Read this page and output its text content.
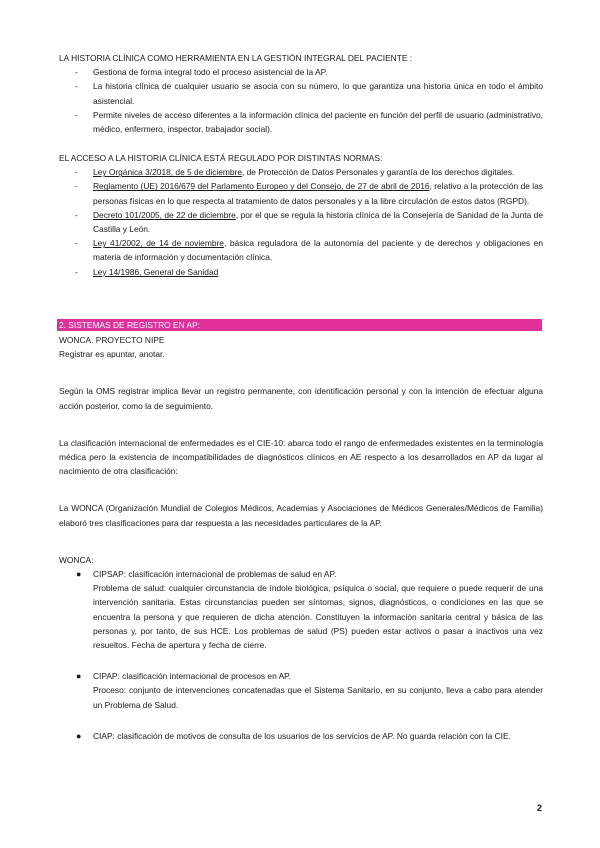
LA HISTORIA CLÍNICA COMO HERRAMIENTA EN LA GESTIÓN INTEGRAL DEL PACIENTE :

- Gestiona de forma integral todo el proceso asistencial de la AP.
- La historia clínica de cualquier usuario se asocia con su número, lo que garantiza una historia única en todo el ámbito asistencial.
- Permite niveles de acceso diferentes a la información clínica del paciente en función del perfil de usuario (administrativo, médico, enfermero, inspector, trabajador social).

EL ACCESO A LA HISTORIA CLÍNICA ESTÁ REGULADO POR DISTINTAS NORMAS:

- Ley Orgánica 3/2018, de 5 de diciembre, de Protección de Datos Personales y garantía de los derechos digitales.
- Reglamento (UE) 2016/679 del Parlamento Europeo y del Consejo, de 27 de abril de 2016, relativo a la protección de las personas físicas en lo que respecta al tratamiento de datos personales y a la libre circulación de estos datos (RGPD).
- Decreto 101/2005, de 22 de diciembre, por el que se regula la historia clínica de la Consejería de Sanidad de la Junta de Castilla y León.
- Ley 41/2002, de 14 de noviembre, básica reguladora de la autonomía del paciente y de derechos y obligaciones en materia de información y documentación clínica.
- Ley 14/1986, General de Sanidad
2. SISTEMAS DE REGISTRO EN AP:

WONCA. PROYECTO NIPE

Registrar es apuntar, anotar.

Según la OMS registrar implica llevar un registro permanente, con identificación personal y con la intención de efectuar alguna acción posterior, como la de seguimiento.

La clasificación internacional de enfermedades es el CIE-10: abarca todo el rango de enfermedades existentes en la terminología médica pero la existencia de incompatibilidades de diagnósticos clínicos en AE respecto a los desarrollados en AP da lugar al nacimiento de otra clasificación:

La WONCA (Organización Mundial de Colegios Médicos, Academias y Asociaciones de Médicos Generales/Médicos de Familia) elaboró tres clasificaciones para dar respuesta a las necesidades particulares de la AP.

WONCA:

● CIPSAP: clasificación internacional de problemas de salud en AP.

Problema de salud: cualquier circunstancia de índole biológica, psíquica o social, que requiere o puede requerir de una intervención sanitaria. Estas circunstancias pueden ser síntomas, signos, diagnósticos, o condiciones en las que se encuentra la persona y que requieren de dicha atención. Constituyen la información sanitaria central y básica de las personas y, por tanto, de sus HCE. Los problemas de salud (PS) pueden estar activos o pasar a inactivos una vez resueltos. Fecha de apertura y fecha de cierre.

● CIPAP: clasificación internacional de procesos en AP.

Proceso: conjunto de intervenciones concatenadas que el Sistema Sanitario, en su conjunto, lleva a cabo para atender un Problema de Salud.

● CIAP: clasificación de motivos de consulta de los usuarios de los servicios de AP. No guarda relación con la CIE.

2
